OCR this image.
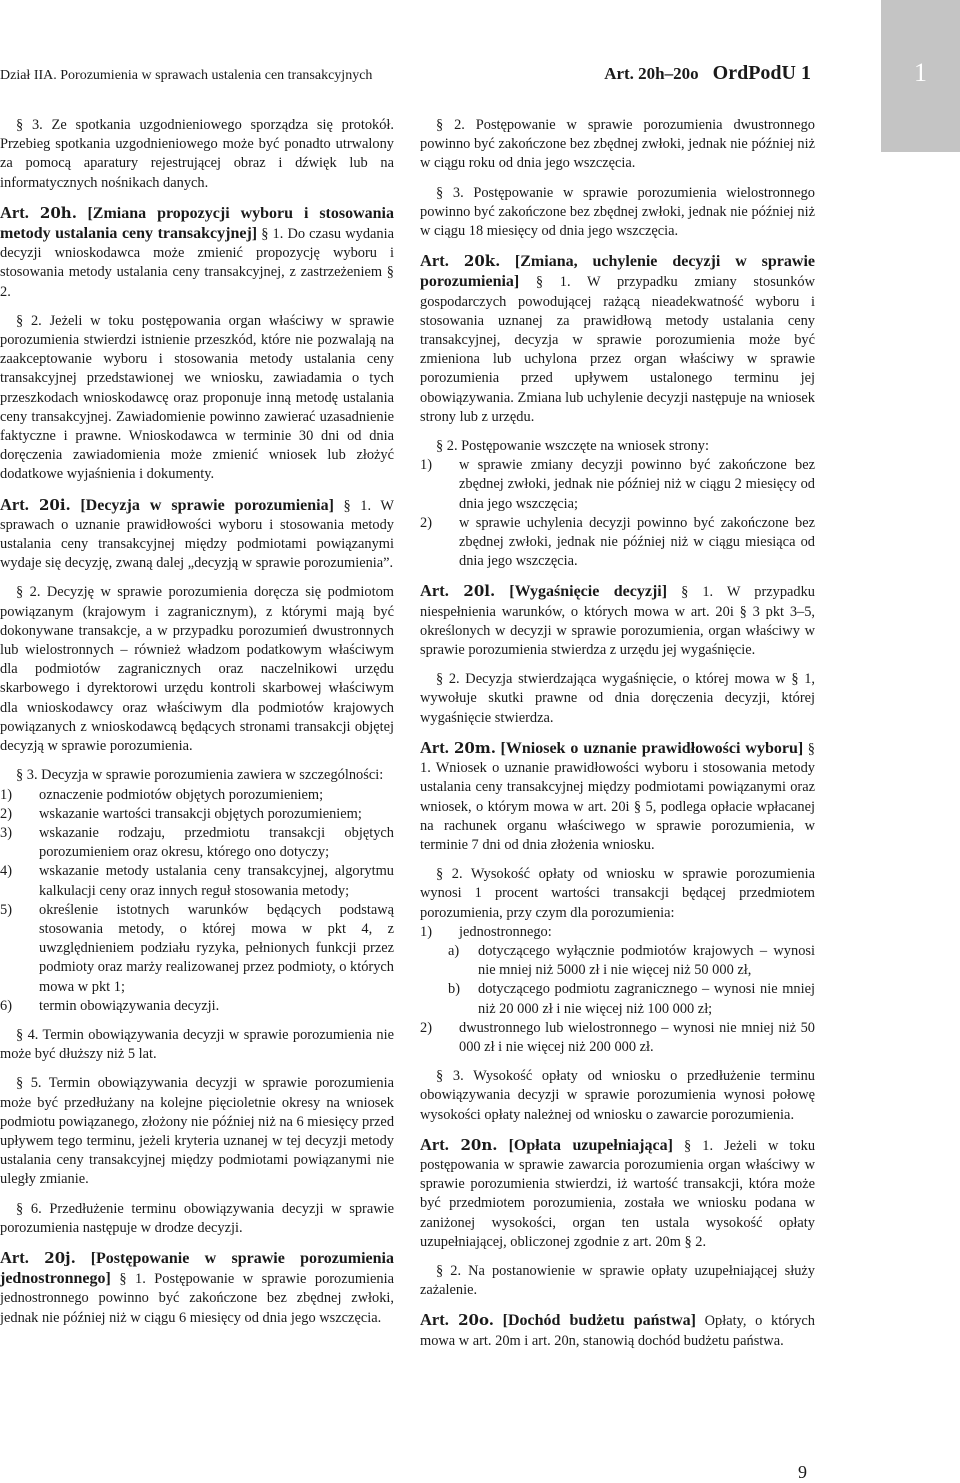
1
Dział IIA. Porozumienia w sprawach ustalenia cen transakcyjnych	Art. 20h–20o OrdPodU 1

§ 3. Ze spotkania uzgodnieniowego sporządza się protokół. Przebieg spotkania uzgodnieniowego może być ponadto utrwalony za pomocą aparatury rejestrującej obraz i dźwięk lub na informatycznych nośnikach danych.

Art. 20h. [Zmiana propozycji wyboru i stosowania metody ustalania ceny transakcyjnej] § 1. Do czasu wydania decyzji wnioskodawca może zmienić propozycję wyboru i stosowania metody ustalania ceny transakcyjnej, z zastrzeżeniem § 2.

§ 2. Jeżeli w toku postępowania organ właściwy w sprawie porozumienia stwierdzi istnienie przeszkód, które nie pozwalają na zaakceptowanie wyboru i stosowania metody ustalania ceny transakcyjnej przedstawionej we wniosku, zawiadamia o tych przeszkodach wnioskodawcę oraz proponuje inną metodę ustalania ceny transakcyjnej. Zawiadomienie powinno zawierać uzasadnienie faktyczne i prawne. Wnioskodawca w terminie 30 dni od dnia doręczenia zawiadomienia może zmienić wniosek lub złożyć dodatkowe wyjaśnienia i dokumenty.

Art. 20i. [Decyzja w sprawie porozumienia] § 1. W sprawach o uznanie prawidłowości wyboru i stosowania metody ustalania ceny transakcyjnej między podmiotami powiązanymi wydaje się decyzję, zwaną dalej „decyzją w sprawie porozumienia”.

§ 2. Decyzję w sprawie porozumienia doręcza się podmiotom powiązanym (krajowym i zagranicznym), z którymi mają być dokonywane transakcje, a w przypadku porozumień dwustronnych lub wielostronnych – również władzom podatkowym właściwym dla podmiotów zagranicznych oraz naczelnikowi urzędu skarbowego i dyrektorowi urzędu kontroli skarbowej właściwym dla wnioskodawcy oraz właściwym dla podmiotów krajowych powiązanych z wnioskodawcą będących stronami transakcji objętej decyzją w sprawie porozumienia.

§ 3. Decyzja w sprawie porozumienia zawiera w szczególności:

1) oznaczenie podmiotów objętych porozumieniem;
2) wskazanie wartości transakcji objętych porozumieniem;
3) wskazanie rodzaju, przedmiotu transakcji objętych porozumieniem oraz okresu, którego ono dotyczy;
4) wskazanie metody ustalania ceny transakcyjnej, algorytmu kalkulacji ceny oraz innych reguł stosowania metody;
5) określenie istotnych warunków będących podstawą stosowania metody, o której mowa w pkt 4, z uwzględnieniem podziału ryzyka, pełnionych funkcji przez podmioty oraz marży realizowanej przez podmioty, o których mowa w pkt 1;
6) termin obowiązywania decyzji.

§ 4. Termin obowiązywania decyzji w sprawie porozumienia nie może być dłuższy niż 5 lat.

§ 5. Termin obowiązywania decyzji w sprawie porozumienia może być przedłużany na kolejne pięcioletnie okresy na wniosek podmiotu powiązanego, złożony nie później niż na 6 miesięcy przed upływem tego terminu, jeżeli kryteria uznanej w tej decyzji metody ustalania ceny transakcyjnej między podmiotami powiązanymi nie uległy zmianie.

§ 6. Przedłużenie terminu obowiązywania decyzji w sprawie porozumienia następuje w drodze decyzji.

Art. 20j. [Postępowanie w sprawie porozumienia jednostronnego] § 1. Postępowanie w sprawie porozumienia jednostronnego powinno być zakończone bez zbędnej zwłoki, jednak nie później niż w ciągu 6 miesięcy od dnia jego wszczęcia.

§ 2. Postępowanie w sprawie porozumienia dwustronnego powinno być zakończone bez zbędnej zwłoki, jednak nie później niż w ciągu roku od dnia jego wszczęcia.

§ 3. Postępowanie w sprawie porozumienia wielostronnego powinno być zakończone bez zbędnej zwłoki, jednak nie później niż w ciągu 18 miesięcy od dnia jego wszczęcia.

Art. 20k. [Zmiana, uchylenie decyzji w sprawie porozumienia] § 1. W przypadku zmiany stosunków gospodarczych powodującej rażącą nieadekwatność wyboru i stosowania uznanej za prawidłową metody ustalania ceny transakcyjnej, decyzja w sprawie porozumienia może być zmieniona lub uchylona przez organ właściwy w sprawie porozumienia przed upływem ustalonego terminu jej obowiązywania. Zmiana lub uchylenie decyzji następuje na wniosek strony lub z urzędu.

§ 2. Postępowanie wszczęte na wniosek strony:

1) w sprawie zmiany decyzji powinno być zakończone bez zbędnej zwłoki, jednak nie później niż w ciągu 2 miesięcy od dnia jego wszczęcia;
2) w sprawie uchylenia decyzji powinno być zakończone bez zbędnej zwłoki, jednak nie później niż w ciągu miesiąca od dnia jego wszczęcia.

Art. 20l. [Wygaśnięcie decyzji] § 1. W przypadku niespełnienia warunków, o których mowa w art. 20i § 3 pkt 3–5, określonych w decyzji w sprawie porozumienia, organ właściwy w sprawie porozumienia stwierdza z urzędu jej wygaśnięcie.

§ 2. Decyzja stwierdzająca wygaśnięcie, o której mowa w § 1, wywołuje skutki prawne od dnia doręczenia decyzji, której wygaśnięcie stwierdza.

Art. 20m. [Wniosek o uznanie prawidłowości wyboru] § 1. Wniosek o uznanie prawidłowości wyboru i stosowania metody ustalania ceny transakcyjnej między podmiotami powiązanymi oraz wniosek, o którym mowa w art. 20i § 5, podlega opłacie wpłacanej na rachunek organu właściwego w sprawie porozumienia, w terminie 7 dni od dnia złożenia wniosku.

§ 2. Wysokość opłaty od wniosku w sprawie porozumienia wynosi 1 procent wartości transakcji będącej przedmiotem porozumienia, przy czym dla porozumienia:

1) jednostronnego:
a) dotyczącego wyłącznie podmiotów krajowych – wynosi nie mniej niż 5000 zł i nie więcej niż 50 000 zł,
b) dotyczącego podmiotu zagranicznego – wynosi nie mniej niż 20 000 zł i nie więcej niż 100 000 zł;
2) dwustronnego lub wielostronnego – wynosi nie mniej niż 50 000 zł i nie więcej niż 200 000 zł.

§ 3. Wysokość opłaty od wniosku o przedłużenie terminu obowiązywania decyzji w sprawie porozumienia wynosi połowę wysokości opłaty należnej od wniosku o zawarcie porozumienia.

Art. 20n. [Opłata uzupełniająca] § 1. Jeżeli w toku postępowania w sprawie zawarcia porozumienia organ właściwy w sprawie porozumienia stwierdzi, iż wartość transakcji, która może być przedmiotem porozumienia, została we wniosku podana w zaniżonej wysokości, organ ten ustala wysokość opłaty uzupełniającej, obliczonej zgodnie z art. 20m § 2.

§ 2. Na postanowienie w sprawie opłaty uzupełniającej służy zażalenie.

Art. 20o. [Dochód budżetu państwa] Opłaty, o których mowa w art. 20m i art. 20n, stanowią dochód budżetu państwa.

9
